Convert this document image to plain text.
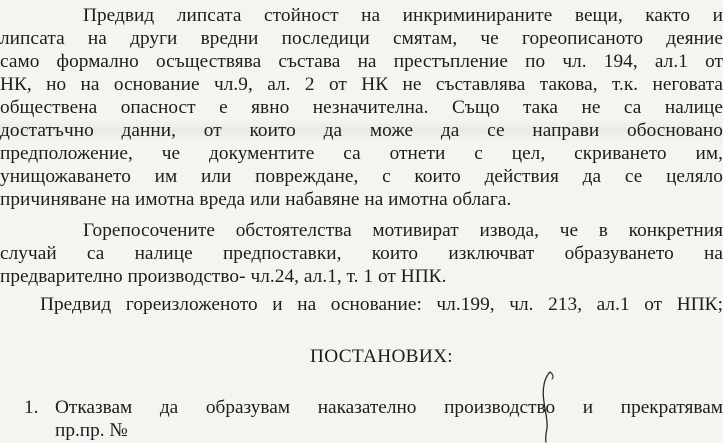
Предвид липсата стойност на инкриминираните вещи, както и
липсата на други вредни последици смятам, че гореописаното деяние
само формално осъществява състава на престъпление по чл. 194, ал.1 от
НК, но на основание чл.9, ал. 2 от НК не съставлява такова, т.к. неговата
обществена опасност е явно незначителна. Също така не са налице
достатъчно данни, от които да може да се направи обосновано
предположение, че документите са отнети с цел, скриването им,
унищожаването им или повреждане, с които действия да се целяло
причиняване на имотна вреда или набавяне на имотна облага.
Горепосочените обстоятелства мотивират извода, че в конкретния
случай са налице предпоставки, които изключват образуването на
предварително производство- чл.24, ал.1, т. 1 от НПК.
Предвид гореизложеното и на основание: чл.199, чл. 213, ал.1 от НПК;
ПОСТАНОВИХ:
1. Отказвам да образувам наказателно производство и прекратявам
пр.пр. №
